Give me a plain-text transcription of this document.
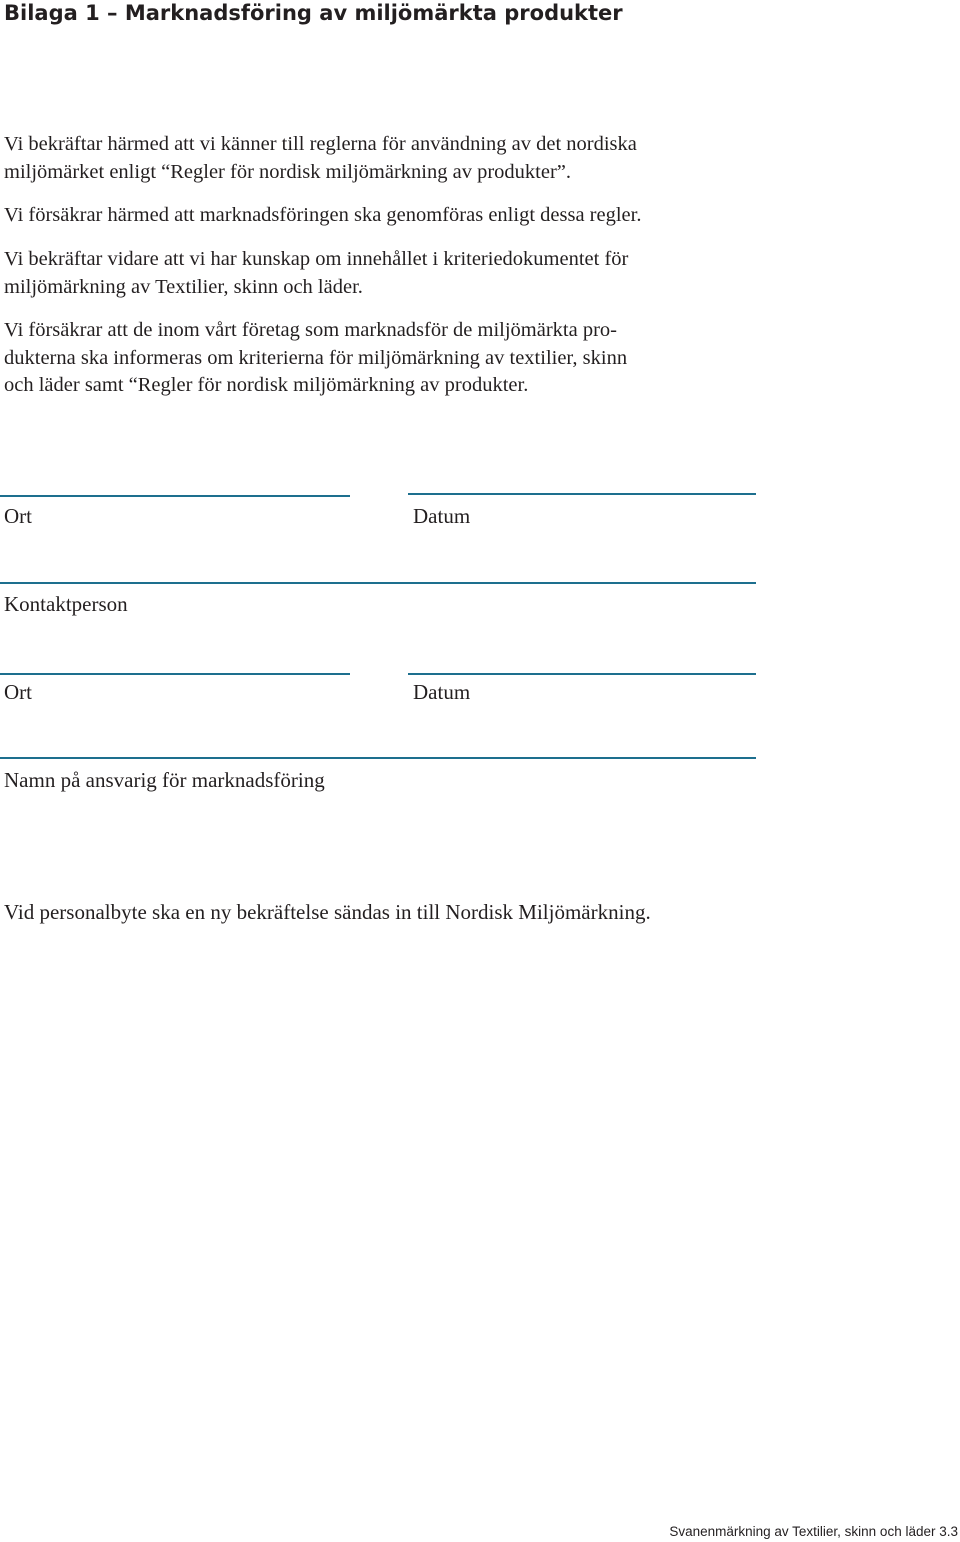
Bilaga 1 – Marknadsföring av miljömärkta produkter

Vi bekräftar härmed att vi känner till reglerna för användning av det nordiska
miljömärket enligt “Regler för nordisk miljömärkning av produkter”.

Vi försäkrar härmed att marknadsföringen ska genomföras enligt dessa regler.

Vi bekräftar vidare att vi har kunskap om innehållet i kriteriedokumentet för
miljömärkning av Textilier, skinn och läder.

Vi försäkrar att de inom vårt företag som marknadsför de miljömärkta pro-
dukterna ska informeras om kriterierna för miljömärkning av textilier, skinn
och läder samt “Regler för nordisk miljömärkning av produkter.

Ort	Datum

Kontaktperson

Ort	Datum

Namn på ansvarig för marknadsföring

Vid personalbyte ska en ny bekräftelse sändas in till Nordisk Miljömärkning.

Svanenmärkning av Textilier, skinn och läder 3.3
